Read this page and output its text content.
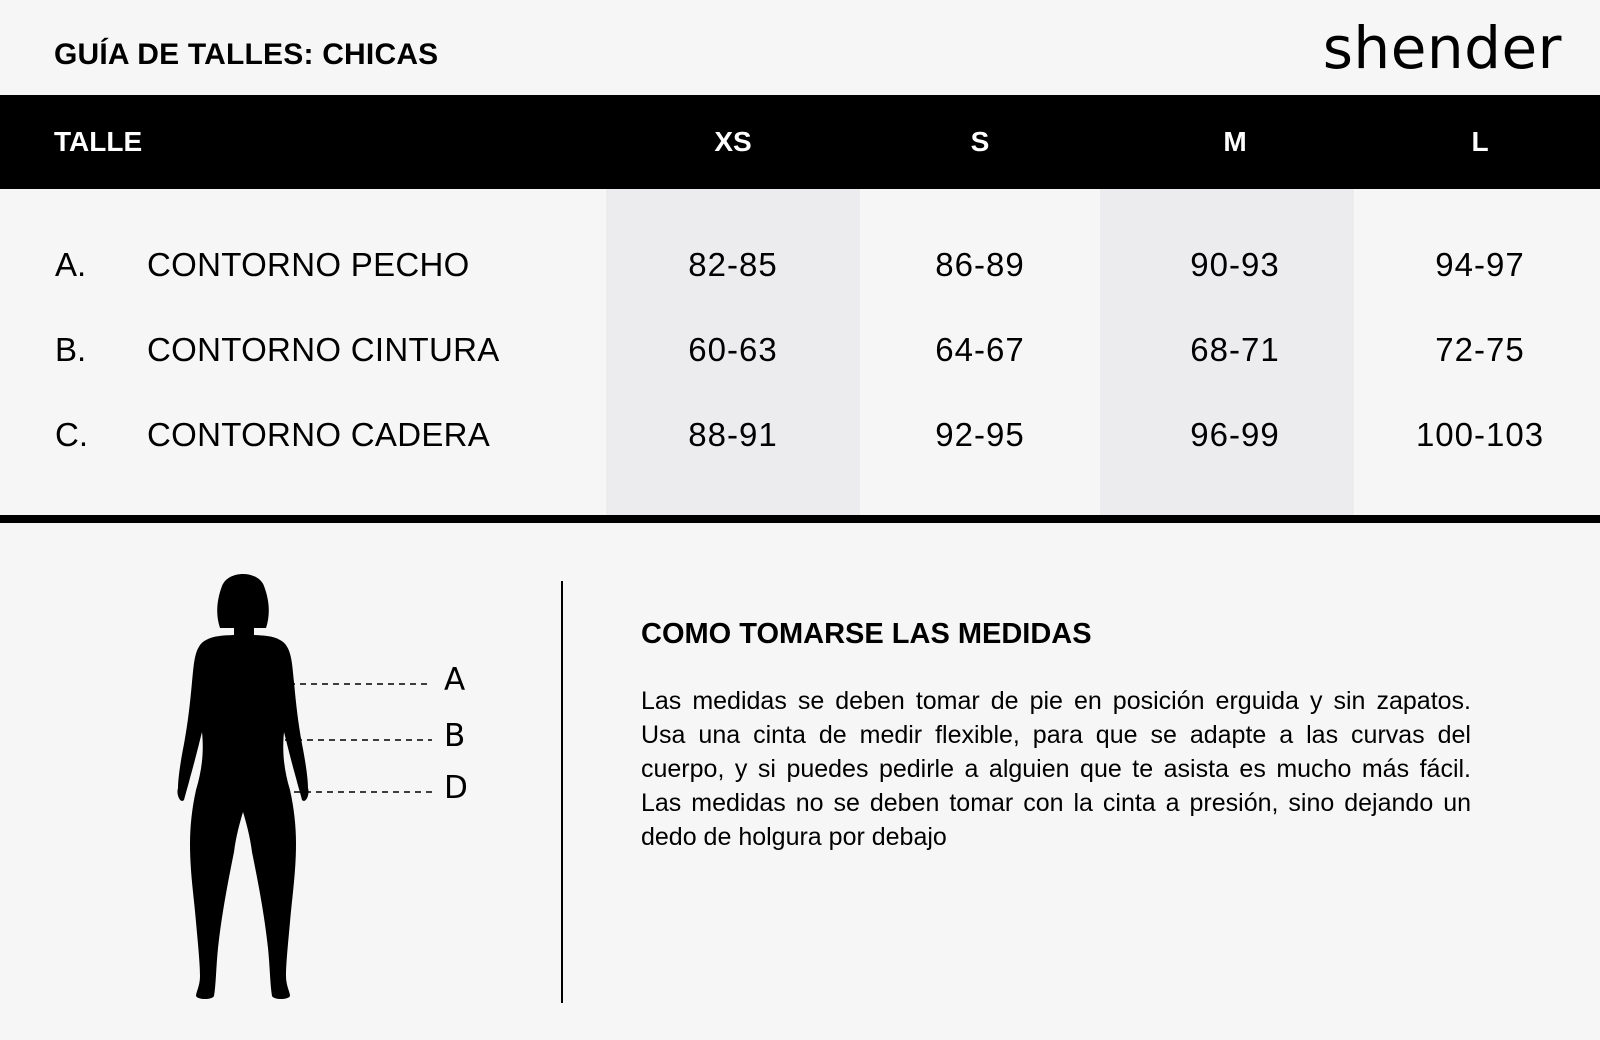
GUÍA DE TALLES: CHICAS	shender
TALLE	XS	S	M	L
A. CONTORNO PECHO	82-85	86-89	90-93	94-97
B. CONTORNO CINTURA	60-63	64-67	68-71	72-75
C. CONTORNO CADERA	88-91	92-95	96-99	100-103
A
B
D
COMO TOMARSE LAS MEDIDAS

Las medidas se deben tomar de pie en posición erguida y sin zapatos. Usa una cinta de medir flexible, para que se adapte a las curvas del cuerpo, y si puedes pedirle a alguien que te asista es mucho más fácil. Las medidas no se deben tomar con la cinta a presión, sino dejando un dedo de holgura por debajo
